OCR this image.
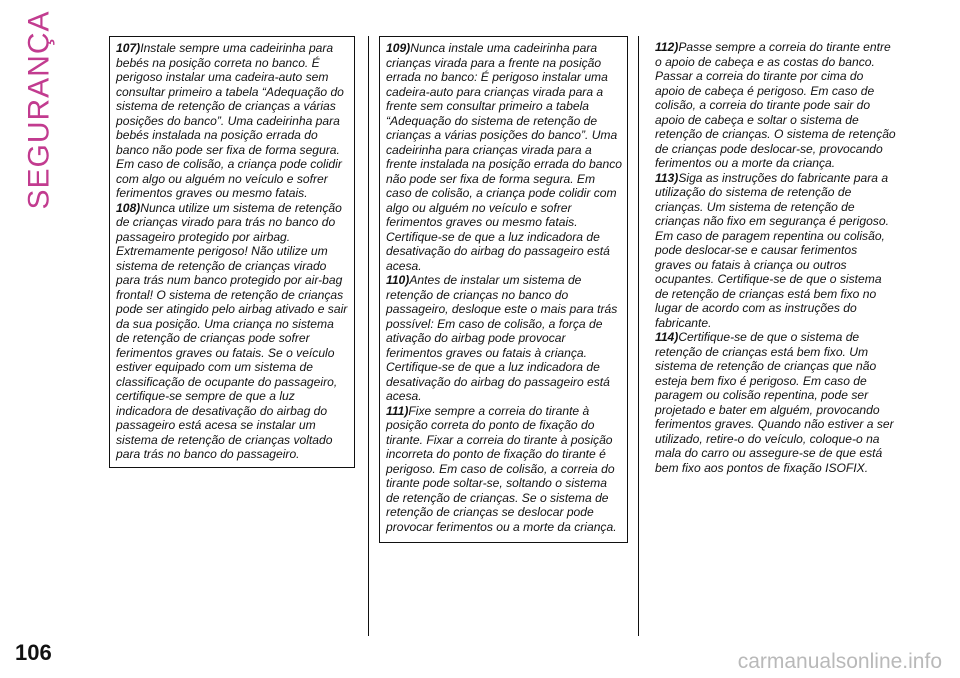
SEGURANÇA	107)Instale sempre uma cadeirinha para bebés na posição correta no banco. É perigoso instalar uma cadeira-auto sem consultar primeiro a tabela “Adequação do sistema de retenção de crianças a várias posições do banco”. Uma cadeirinha para bebés instalada na posição errada do banco não pode ser fixa de forma segura. Em caso de colisão, a criança pode colidir com algo ou alguém no veículo e sofrer ferimentos graves ou mesmo fatais.

108)Nunca utilize um sistema de retenção de crianças virado para trás no banco do passageiro protegido por airbag. Extremamente perigoso! Não utilize um sistema de retenção de crianças virado para trás num banco protegido por air-bag frontal! O sistema de retenção de crianças pode ser atingido pelo airbag ativado e sair da sua posição. Uma criança no sistema de retenção de crianças pode sofrer ferimentos graves ou fatais. Se o veículo estiver equipado com um sistema de classificação de ocupante do passageiro, certifique-se sempre de que a luz indicadora de desativação do airbag do passageiro está acesa se instalar um sistema de retenção de crianças voltado para trás no banco do passageiro.

109)Nunca instale uma cadeirinha para crianças virada para a frente na posição errada no banco: É perigoso instalar uma cadeira-auto para crianças virada para a frente sem consultar primeiro a tabela “Adequação do sistema de retenção de crianças a várias posições do banco”. Uma cadeirinha para crianças virada para a frente instalada na posição errada do banco não pode ser fixa de forma segura. Em caso de colisão, a criança pode colidir com algo ou alguém no veículo e sofrer ferimentos graves ou mesmo fatais. Certifique-se de que a luz indicadora de desativação do airbag do passageiro está acesa.

110)Antes de instalar um sistema de retenção de crianças no banco do passageiro, desloque este o mais para trás possível: Em caso de colisão, a força de ativação do airbag pode provocar ferimentos graves ou fatais à criança. Certifique-se de que a luz indicadora de desativação do airbag do passageiro está acesa.

111)Fixe sempre a correia do tirante à posição correta do ponto de fixação do tirante. Fixar a correia do tirante à posição incorreta do ponto de fixação do tirante é perigoso. Em caso de colisão, a correia do tirante pode soltar-se, soltando o sistema de retenção de crianças. Se o sistema de retenção de crianças se deslocar pode provocar ferimentos ou a morte da criança.

112)Passe sempre a correia do tirante entre o apoio de cabeça e as costas do banco. Passar a correia do tirante por cima do apoio de cabeça é perigoso. Em caso de colisão, a correia do tirante pode sair do apoio de cabeça e soltar o sistema de retenção de crianças. O sistema de retenção de crianças pode deslocar-se, provocando ferimentos ou a morte da criança.

113)Siga as instruções do fabricante para a utilização do sistema de retenção de crianças. Um sistema de retenção de crianças não fixo em segurança é perigoso. Em caso de paragem repentina ou colisão, pode deslocar-se e causar ferimentos graves ou fatais à criança ou outros ocupantes. Certifique-se de que o sistema de retenção de crianças está bem fixo no lugar de acordo com as instruções do fabricante.

114)Certifique-se de que o sistema de retenção de crianças está bem fixo. Um sistema de retenção de crianças que não esteja bem fixo é perigoso. Em caso de paragem ou colisão repentina, pode ser projetado e bater em alguém, provocando ferimentos graves. Quando não estiver a ser utilizado, retire-o do veículo, coloque-o na mala do carro ou assegure-se de que está bem fixo aos pontos de fixação ISOFIX.

106	carmanualsonline.info
